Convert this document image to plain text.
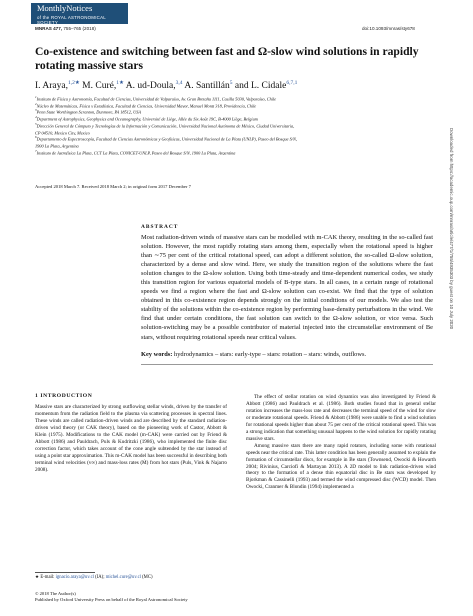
MonthlyNotices
of the ROYAL ASTRONOMICAL SOCIETY
MNRAS 477, 755–765 (2018)	doi:10.1093/mnras/sty678
Co-existence and switching between fast and Ω-slow wind solutions in rapidly rotating massive stars
I. Araya,$^{1,2★}$ M. Curé,$^{1★}$ A. ud-Doula,$^{3,4}$ A. Santillán$^5$ and L. Cidale$^{6,7,1}$
$^1$Instituto de Física y Astronomía, Facultad de Ciencias, Universidad de Valparaíso, Av. Gran Bretaña 1111, Casilla 5030, Valparaíso, Chile
$^2$Núcleo de Matemáticas, Física y Estadística, Facultad de Ciencias, Universidad Mayor, Manuel Montt 318, Providencia, Chile
$^3$Penn State Worthington Scranton, Dunmore, PA 18512, USA
$^4$Department of Astrophysics, Geophysics and Oceanography, Université de Liège, Allée du Six Août 19C, B-4000 Liège, Belgium
$^5$Dirección General de Cómputo y Tecnologías de la Información y Comunicación, Universidad Nacional Autónoma de México, Ciudad Universitaria,
CP 04510, Mexico City, Mexico
$^6$Departamento de Espectroscopía, Facultad de Ciencias Astronómicas y Geofísicas, Universidad Nacional de La Plata (UNLP), Paseo del Bosque S/N,
1900 La Plata, Argentina
$^7$Instituto de Astrofísica La Plata, CCT La Plata, CONICET-UNLP, Paseo del Bosque S/N, 1900 La Plata, Argentina
Accepted 2018 March 7. Received 2018 March 2; in original form 2017 December 7	Downloaded from https://academic.oup.com/mnras/article/477/1/755/4935303 by guest on 10 July 2020
ABSTRACT

Most radiation-driven winds of massive stars can be modelled with m-CAK theory, resulting in the so-called fast solution. However, the most rapidly rotating stars among them, especially when the rotational speed is higher than ∼75 per cent of the critical rotational speed, can adopt a different solution, the so-called Ω-slow solution, characterized by a dense and slow wind. Here, we study the transition region of the solutions where the fast solution changes to the Ω-slow solution. Using both time-steady and time-dependent numerical codes, we study this transition region for various equatorial models of B-type stars. In all cases, in a certain range of rotational speeds we find a region where the fast and Ω-slow solution can co-exist. We find that the type of solution obtained in this co-existence region depends strongly on the initial conditions of our models. We also test the stability of the solutions within the co-existence region by performing base-density perturbations in the wind. We find that under certain conditions, the fast solution can switch to the Ω-slow solution, or vice versa. Such solution-switching may be a possible contributor of material injected into the circumstellar environment of Be stars, without requiring rotational speeds near critical values.

Key words: hydrodynamics – stars: early-type – stars: rotation – stars: winds, outflows.
1 INTRODUCTION

Massive stars are characterized by strong outflowing stellar winds, driven by the transfer of momentum from the radiation field to the plasma via scattering processes in spectral lines. These winds are called radiation-driven winds and are described by the standard radiation-driven wind theory (or CAK theory), based on the pioneering work of Castor, Abbott & Klein (1975). Modifications to the CAK model (m-CAK) were carried out by Friend & Abbott (1986) and Pauldrach, Puls & Kudritzki (1986), who implemented the finite disc correction factor, which takes account of the cone angle subtended by the star instead of using a point star approximation. This m-CAK model has been successful in describing both terminal wind velocities (v∞) and mass-loss rates (Ṁ) from hot stars (Puls, Vink & Najarro 2008).

The effect of stellar rotation on wind dynamics was also investigated by Friend & Abbott (1986) and Pauldrach et al. (1986). Both studies found that in general stellar rotation increases the mass-loss rate and decreases the terminal speed of the wind for slow or moderate rotational speeds. Friend & Abbott (1986) were unable to find a wind solution for rotational speeds higher than about 75 per cent of the critical rotational speed. This was a strong indication that something unusual happens to the wind solution for rapidly rotating massive stars.

Among massive stars there are many rapid rotators, including some with rotational speeds near the critical rate. This latter condition has been generally assumed to explain the formation of circumstellar discs, for example in Be stars (Townsend, Owocki & Howarth 2004; Rivinius, Carciofi & Martayan 2013). A 2D model to link radiation-driven wind theory to the formation of a dense thin equatorial disc in Be stars was developed by Bjorkman & Cassinelli (1993) and termed the wind compressed disc (WCD) model. Then Owocki, Cranmer & Blondin (1994) implemented a

★ E-mail: ignacio.araya@uv.cl (IA); michel.cure@uv.cl (MC)
© 2018 The Author(s)
Published by Oxford University Press on behalf of the Royal Astronomical Society
